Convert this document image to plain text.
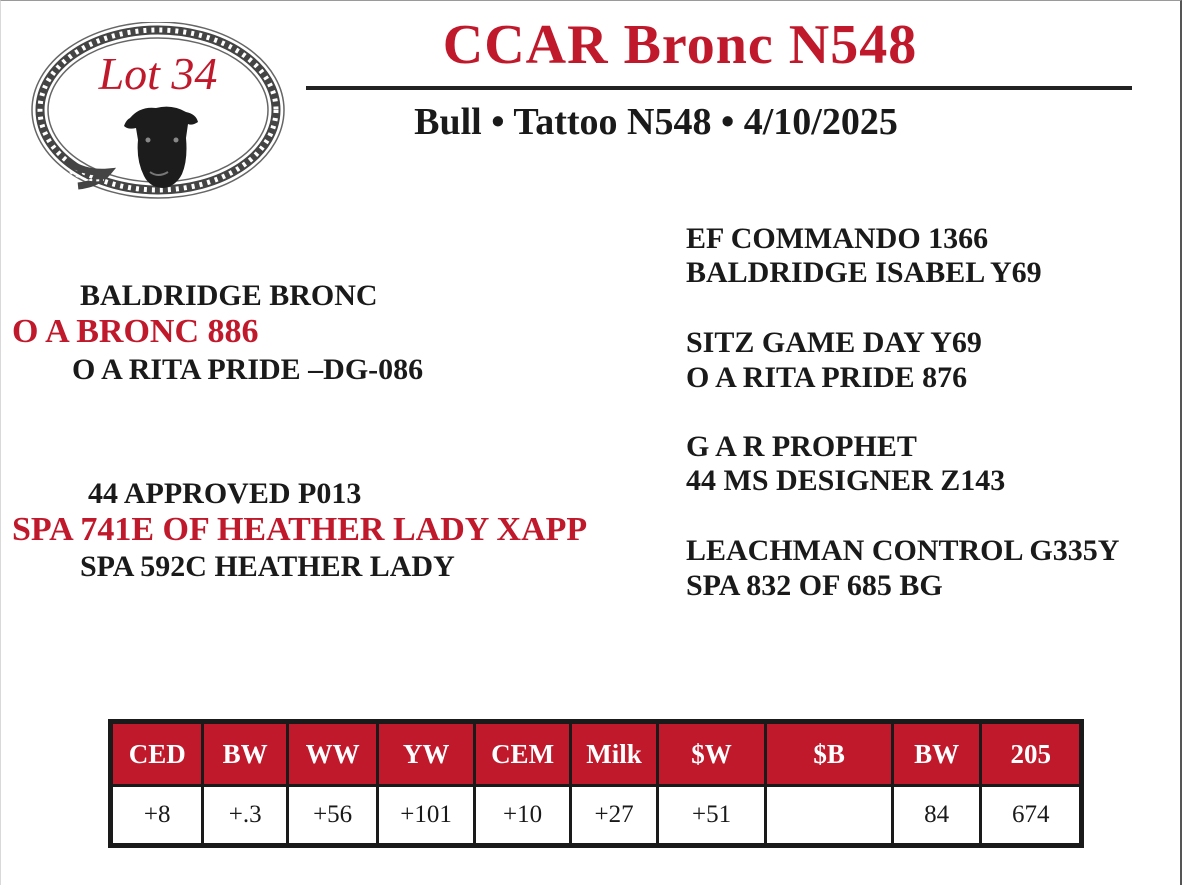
Lot 34	CCAR Bronc N548
Bull • Tattoo N548 • 4/10/2025
BALDRIDGE BRONC
O A BRONC 886
O A RITA PRIDE –DG-086
44 APPROVED P013
SPA 741E OF HEATHER LADY XAPP
SPA 592C HEATHER LADY
EF COMMANDO 1366
BALDRIDGE ISABEL Y69
SITZ GAME DAY Y69
O A RITA PRIDE 876
G A R PROPHET
44 MS DESIGNER Z143
LEACHMAN CONTROL G335Y
SPA 832 OF 685 BG
CED	BW	WW	YW	CEM	Milk	$W	$B	BW	205
+8	+.3	+56	+101	+10	+27	+51		84	674
